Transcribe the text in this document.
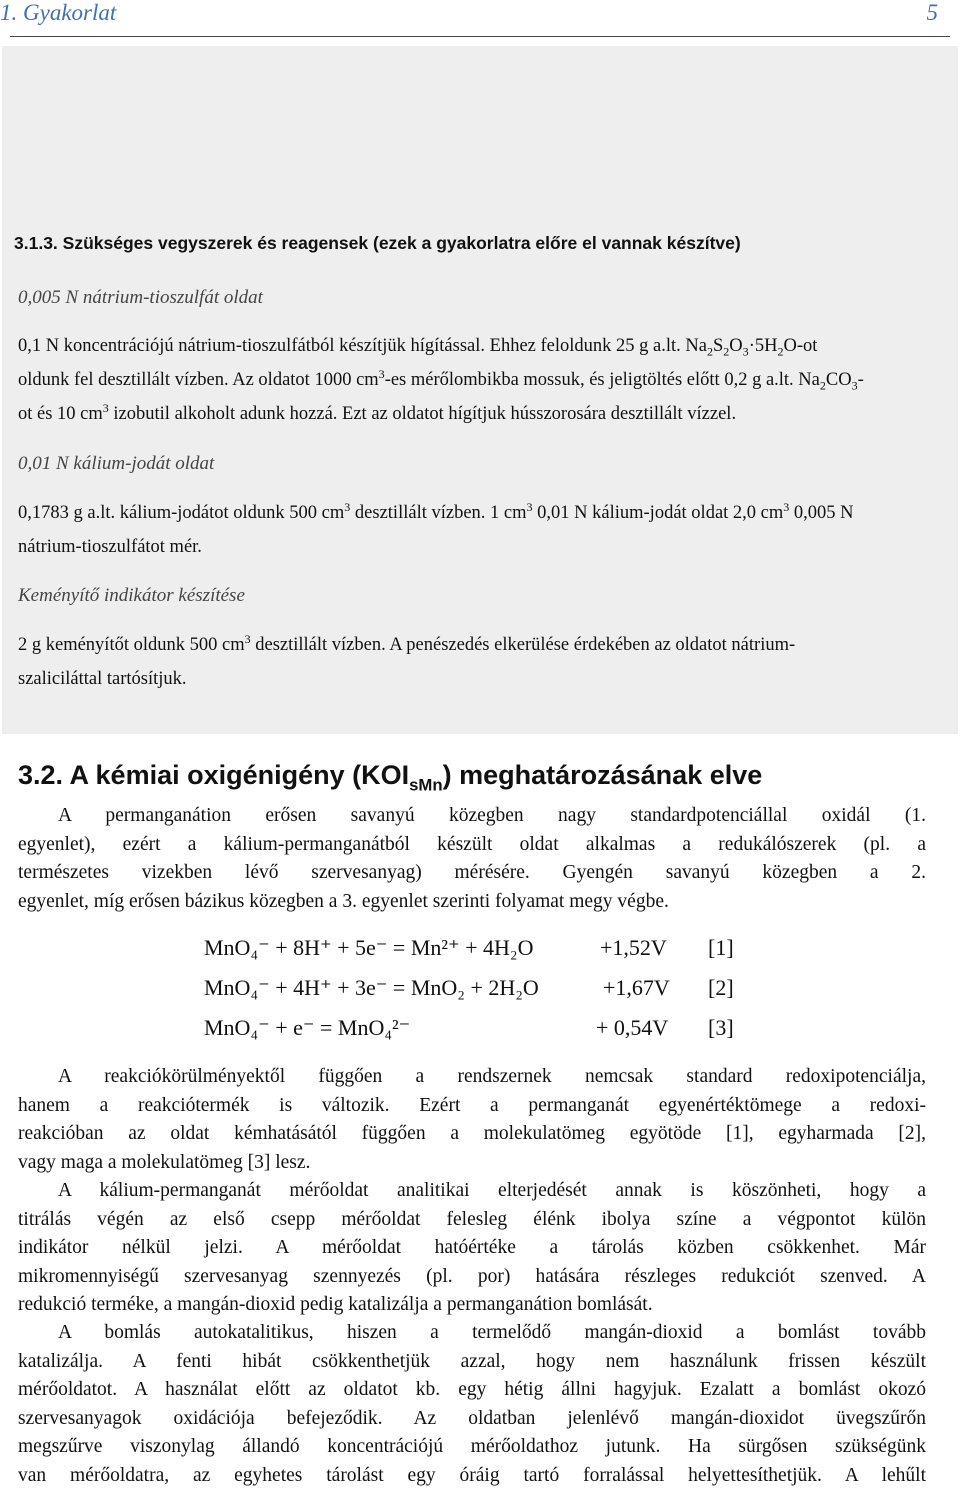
1. Gyakorlat	5
3.1.3. Szükséges vegyszerek és reagensek (ezek a gyakorlatra előre el vannak készítve)
0,005 N nátrium-tioszulfát oldat
0,1 N koncentrációjú nátrium-tioszulfátból készítjük hígítással. Ehhez feloldunk 25 g a.lt. $Na_2S_2O_3\cdot 5H_2O-ot$
oldunk fel desztillált vízben. Az oldatot 1000 $cm^3-es$ mérőlombikba mossuk, és jeligtöltés előtt 0,2 g a.lt. $Na_2CO_3-$
ot és 10 $cm^3$ izobutil alkoholt adunk hozzá. Ezt az oldatot hígítjuk hússzorosára desztillált vízzel.
0,01 N kálium-jodát oldat
0,1783 g a.lt. kálium-jodátot oldunk 500 $cm^3$ desztillált vízben. 1 $cm^3$ 0,01 N kálium-jodát oldat 2,0 $cm^3$ 0,005 N
nátrium-tioszulfátot mér.
Keményítő indikátor készítése
2 g keményítőt oldunk 500 $cm^3$ desztillált vízben. A penészedés elkerülése érdekében az oldatot nátrium-
szaliciláttal tartósítjuk.
3.2. A kémiai oxigénigény $(KOI_{sMn})$ meghatározásának elve
A permanganátion erősen savanyú közegben nagy standardpotenciállal oxidál (1.
egyenlet), ezért a kálium-permanganátból készült oldat alkalmas a redukálószerek (pl. a
természetes vizekben lévő szervesanyag) mérésére. Gyengén savanyú közegben a 2.
egyenlet, míg erősen bázikus közegben a 3. egyenlet szerinti folyamat megy végbe.
MnO₄⁻ + 8H⁺ + 5e⁻ = Mn²⁺ + 4H₂O	+1,52V [1]
MnO₄⁻ + 4H⁺ + 3e⁻ = MnO₂ + 2H₂O	+1,67V [2]
MnO₄⁻ + e⁻ = MnO₄²⁻	+ 0,54V [3]
A reakciókörülményektől függően a rendszernek nemcsak standard redoxipotenciálja,
hanem a reakciótermék is változik. Ezért a permanganát egyenértéktömege a redoxi-
reakcióban az oldat kémhatásától függően a molekulatömeg egyötöde [1], egyharmada [2],
vagy maga a molekulatömeg [3] lesz.
A kálium-permanganát mérőoldat analitikai elterjedését annak is köszönheti, hogy a
titrálás végén az első csepp mérőoldat felesleg élénk ibolya színe a végpontot külön
indikátor nélkül jelzi. A mérőoldat hatóértéke a tárolás közben csökkenhet. Már
mikromennyiségű szervesanyag szennyezés (pl. por) hatására részleges redukciót szenved. A
redukció terméke, a mangán-dioxid pedig katalizálja a permanganátion bomlását.
A bomlás autokatalitikus, hiszen a termelődő mangán-dioxid a bomlást tovább
katalizálja. A fenti hibát csökkenthetjük azzal, hogy nem használunk frissen készült
mérőoldatot. A használat előtt az oldatot kb. egy hétig állni hagyjuk. Ezalatt a bomlást okozó
szervesanyagok oxidációja befejeződik. Az oldatban jelenlévő mangán-dioxidot üvegszűrőn
megszűrve viszonylag állandó koncentrációjú mérőoldathoz jutunk. Ha sürgősen szükségünk
van mérőoldatra, az egyhetes tárolást egy óráig tartó forralással helyettesíthetjük. A lehűlt
